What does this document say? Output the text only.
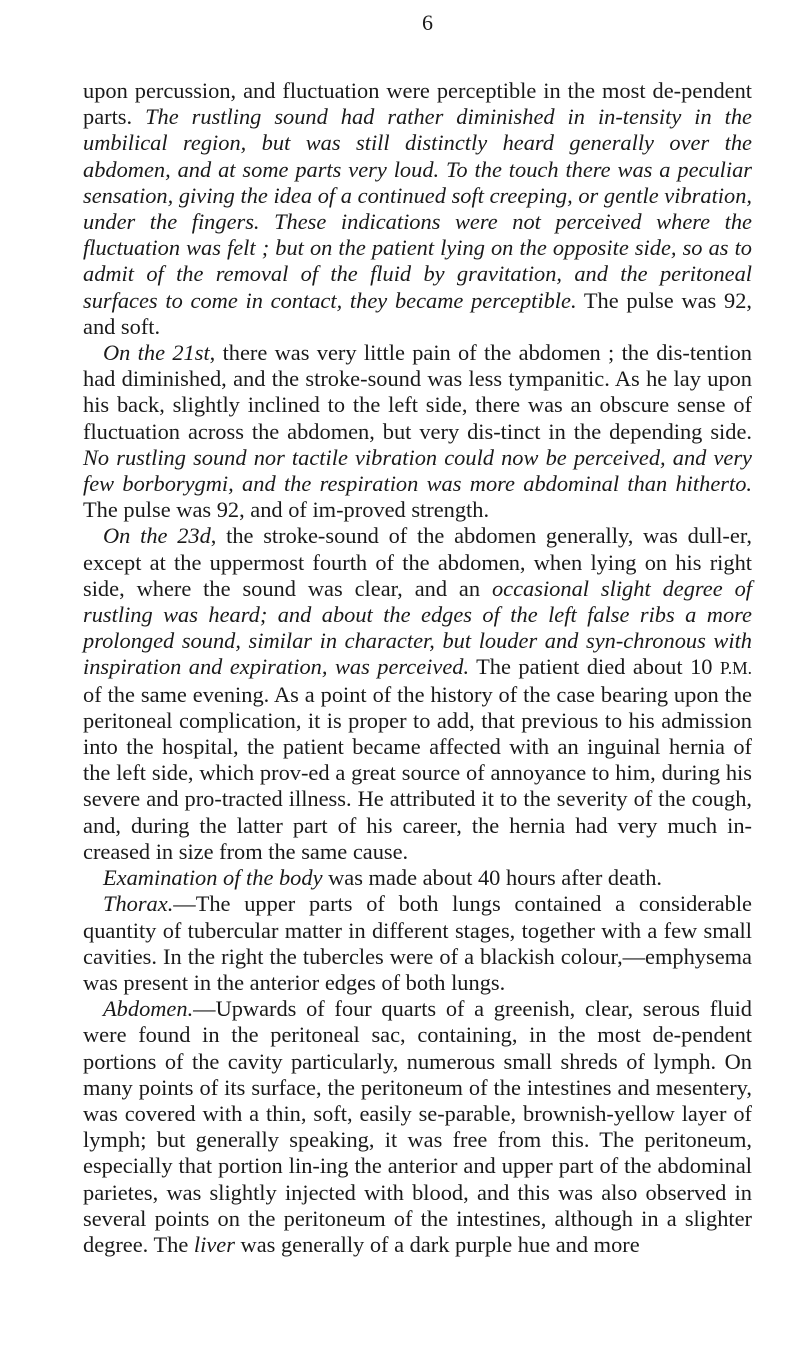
6

upon percussion, and fluctuation were perceptible in the most de-pendent parts. The rustling sound had rather diminished in in-tensity in the umbilical region, but was still distinctly heard generally over the abdomen, and at some parts very loud. To the touch there was a peculiar sensation, giving the idea of a continued soft creeping, or gentle vibration, under the fingers. These indications were not perceived where the fluctuation was felt ; but on the patient lying on the opposite side, so as to admit of the removal of the fluid by gravitation, and the peritoneal surfaces to come in contact, they became perceptible. The pulse was 92, and soft.

On the 21st, there was very little pain of the abdomen ; the dis-tention had diminished, and the stroke-sound was less tympanitic. As he lay upon his back, slightly inclined to the left side, there was an obscure sense of fluctuation across the abdomen, but very dis-tinct in the depending side. No rustling sound nor tactile vibration could now be perceived, and very few borborygmi, and the respiration was more abdominal than hitherto. The pulse was 92, and of im-proved strength.

On the 23d, the stroke-sound of the abdomen generally, was dull-er, except at the uppermost fourth of the abdomen, when lying on his right side, where the sound was clear, and an occasional slight degree of rustling was heard; and about the edges of the left false ribs a more prolonged sound, similar in character, but louder and syn-chronous with inspiration and expiration, was perceived. The patient died about 10 P.M. of the same evening. As a point of the history of the case bearing upon the peritoneal complication, it is proper to add, that previous to his admission into the hospital, the patient became affected with an inguinal hernia of the left side, which prov-ed a great source of annoyance to him, during his severe and pro-tracted illness. He attributed it to the severity of the cough, and, during the latter part of his career, the hernia had very much in-creased in size from the same cause.

Examination of the body was made about 40 hours after death.

Thorax.—The upper parts of both lungs contained a considerable quantity of tubercular matter in different stages, together with a few small cavities. In the right the tubercles were of a blackish colour,—emphysema was present in the anterior edges of both lungs.

Abdomen.—Upwards of four quarts of a greenish, clear, serous fluid were found in the peritoneal sac, containing, in the most de-pendent portions of the cavity particularly, numerous small shreds of lymph. On many points of its surface, the peritoneum of the intestines and mesentery, was covered with a thin, soft, easily se-parable, brownish-yellow layer of lymph; but generally speaking, it was free from this. The peritoneum, especially that portion lin-ing the anterior and upper part of the abdominal parietes, was slightly injected with blood, and this was also observed in several points on the peritoneum of the intestines, although in a slighter degree. The liver was generally of a dark purple hue and more
